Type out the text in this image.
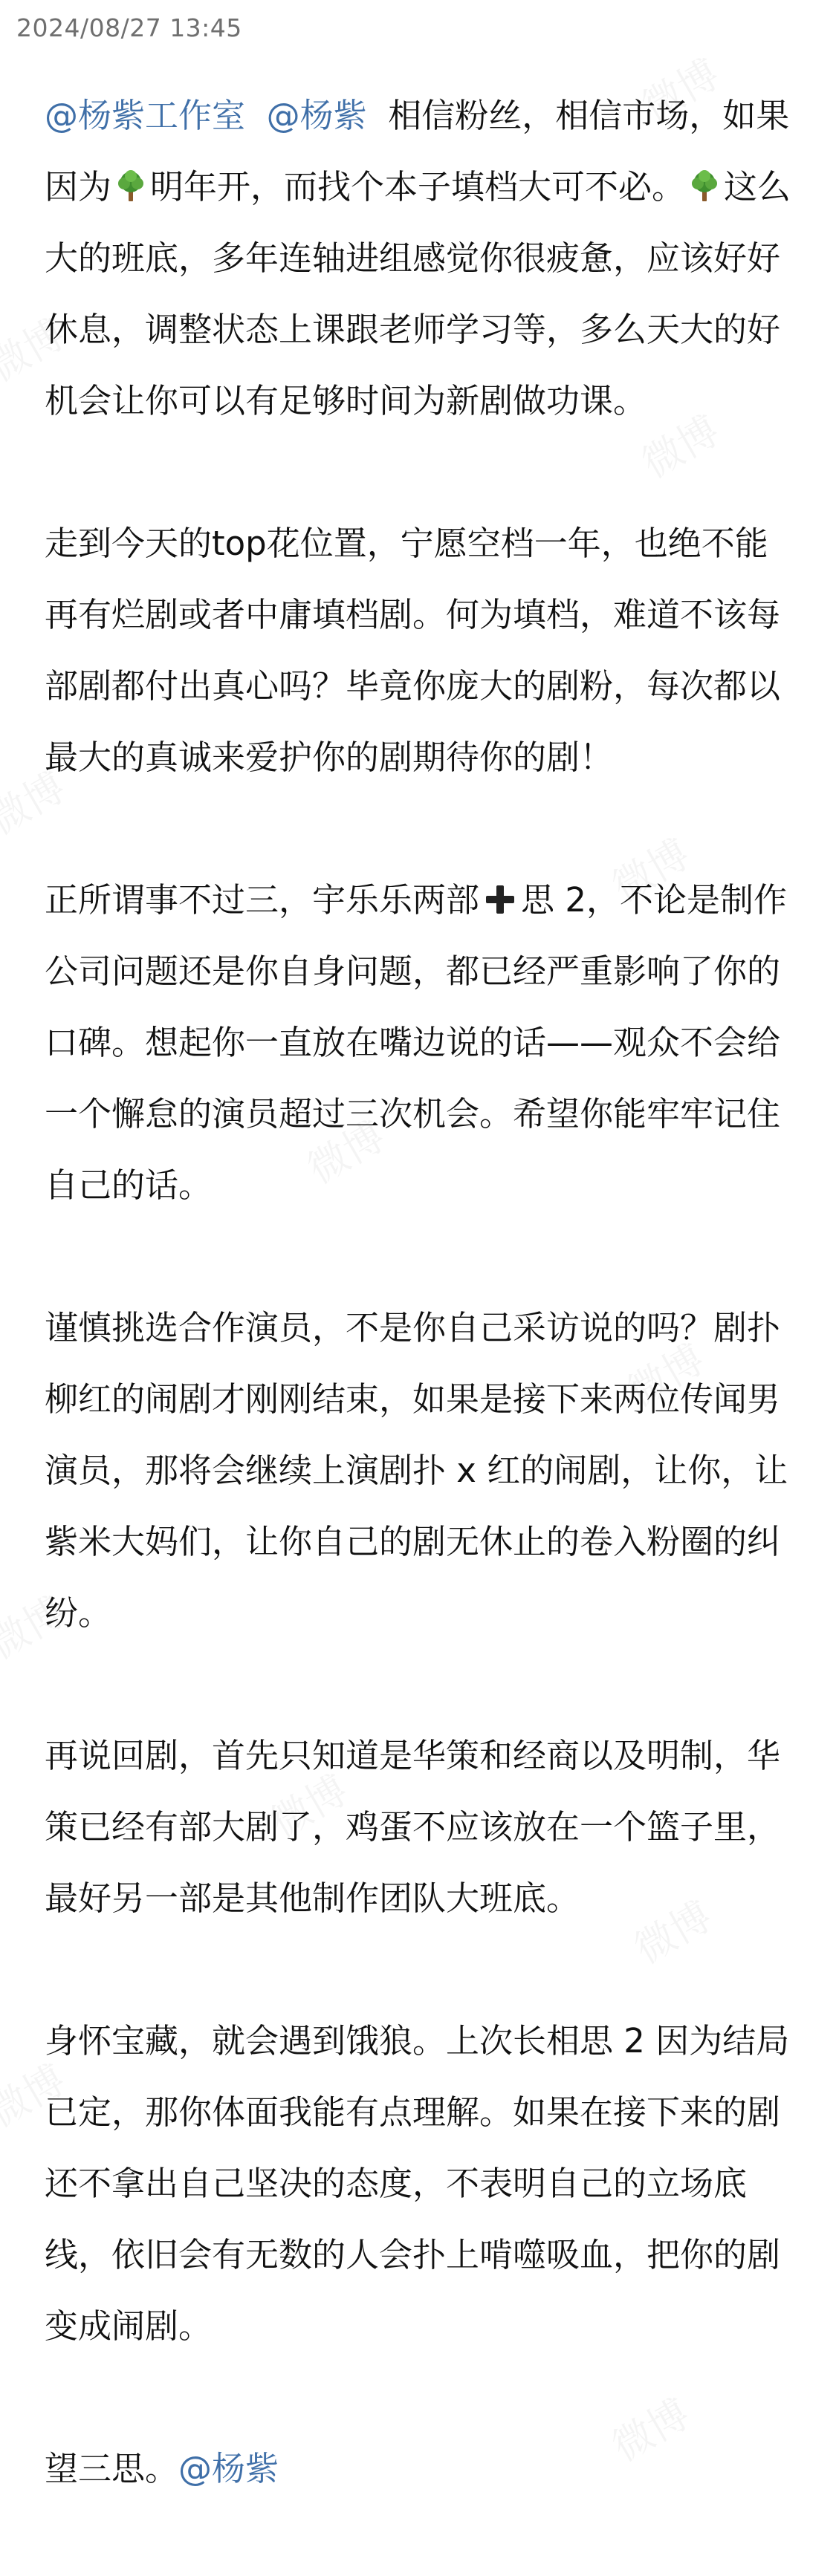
2024/08/27 13:45

@杨紫工作室 @杨紫 相信粉丝，相信市场，如果因为 明年开，而找个本子填档大可不必。 这么大的班底，多年连轴进组感觉你很疲惫，应该好好休息，调整状态上课跟老师学习等，多么天大的好机会让你可以有足够时间为新剧做功课。

走到今天的top花位置，宁愿空档一年，也绝不能再有烂剧或者中庸填档剧。何为填档，难道不该每部剧都付出真心吗？毕竟你庞大的剧粉，每次都以最大的真诚来爱护你的剧期待你的剧！

正所谓事不过三，宇乐乐两部 思 2，不论是制作公司问题还是你自身问题，都已经严重影响了你的口碑。想起你一直放在嘴边说的话——观众不会给一个懈怠的演员超过三次机会。希望你能牢牢记住自己的话。

谨慎挑选合作演员，不是你自己采访说的吗？剧扑柳红的闹剧才刚刚结束，如果是接下来两位传闻男演员，那将会继续上演剧扑 x 红的闹剧，让你，让紫米大妈们，让你自己的剧无休止的卷入粉圈的纠纷。

再说回剧，首先只知道是华策和经商以及明制，华策已经有部大剧了，鸡蛋不应该放在一个篮子里，最好另一部是其他制作团队大班底。

身怀宝藏，就会遇到饿狼。上次长相思 2 因为结局已定，那你体面我能有点理解。如果在接下来的剧还不拿出自己坚决的态度，不表明自己的立场底线，依旧会有无数的人会扑上啃噬吸血，把你的剧变成闹剧。

望三思。@杨紫
